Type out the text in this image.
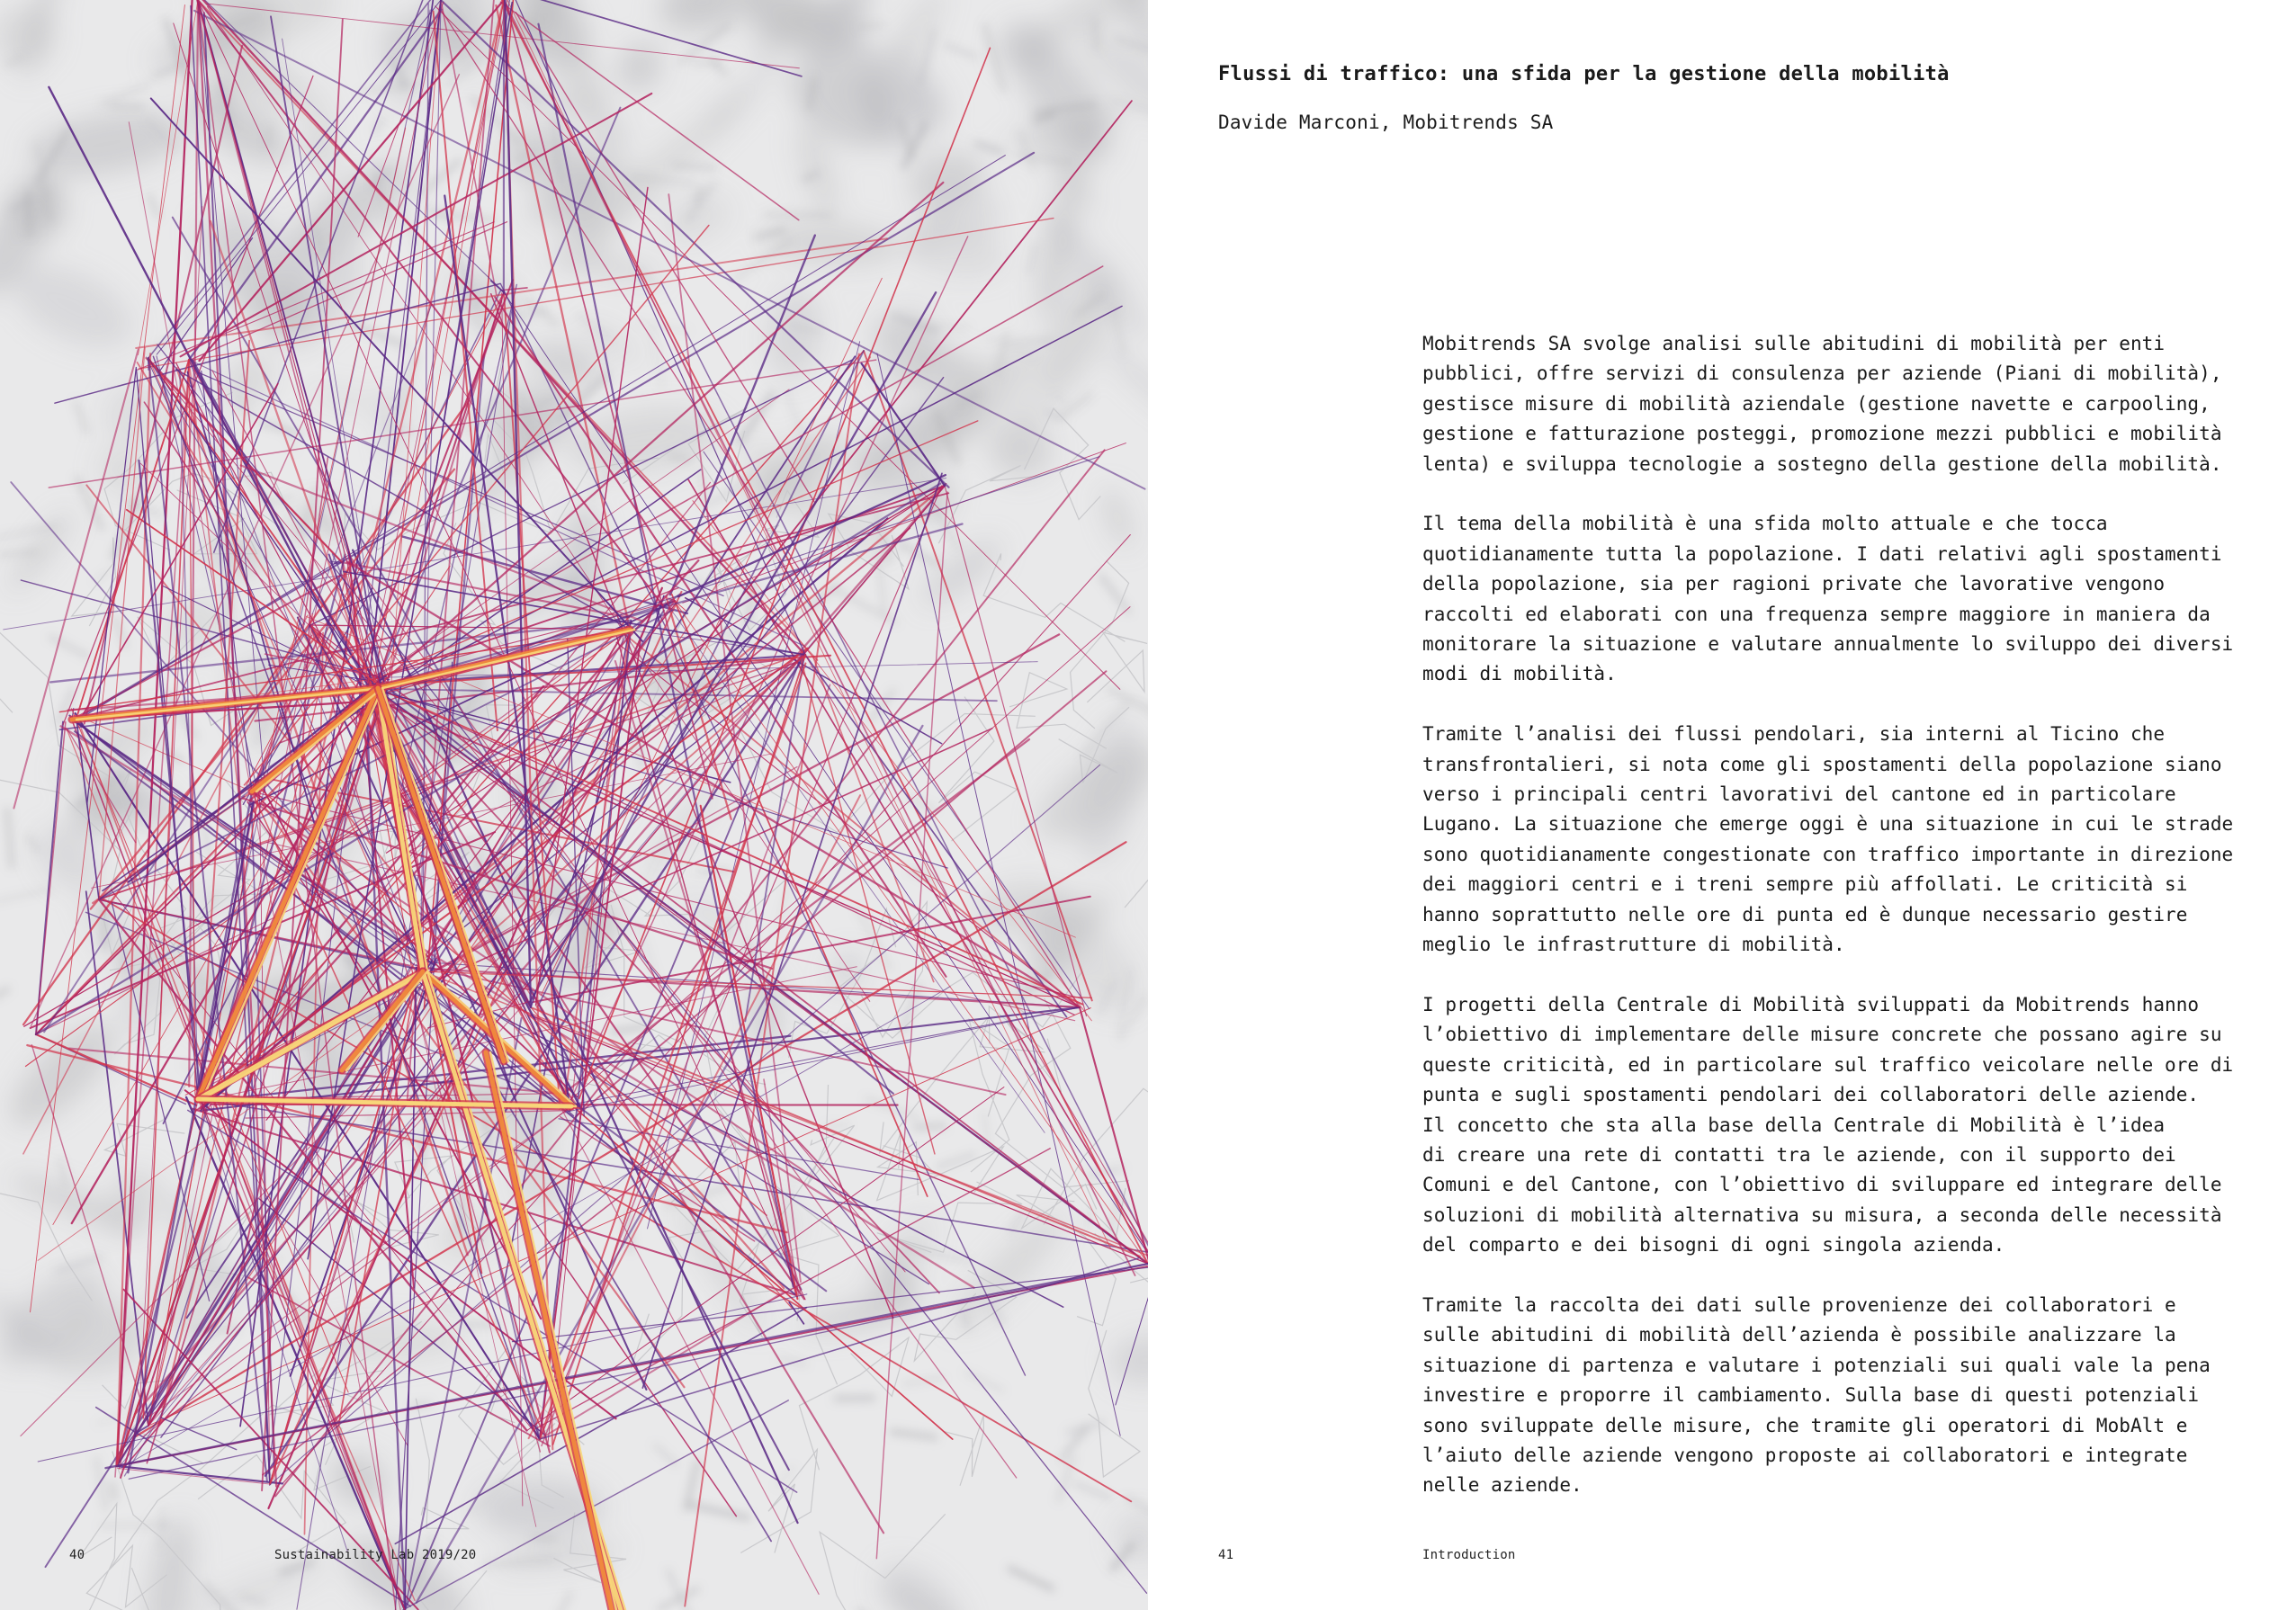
40	Sustainability Lab 2019/20
Flussi di traffico: una sfida per la gestione della mobilità

Davide Marconi, Mobitrends SA

Mobitrends SA svolge analisi sulle abitudini di mobilità per enti
pubblici, offre servizi di consulenza per aziende (Piani di mobilità),
gestisce misure di mobilità aziendale (gestione navette e carpooling,
gestione e fatturazione posteggi, promozione mezzi pubblici e mobilità
lenta) e sviluppa tecnologie a sostegno della gestione della mobilità.

Il tema della mobilità è una sfida molto attuale e che tocca
quotidianamente tutta la popolazione. I dati relativi agli spostamenti
della popolazione, sia per ragioni private che lavorative vengono
raccolti ed elaborati con una frequenza sempre maggiore in maniera da
monitorare la situazione e valutare annualmente lo sviluppo dei diversi
modi di mobilità.

Tramite l’analisi dei flussi pendolari, sia interni al Ticino che
transfrontalieri, si nota come gli spostamenti della popolazione siano
verso i principali centri lavorativi del cantone ed in particolare
Lugano. La situazione che emerge oggi è una situazione in cui le strade
sono quotidianamente congestionate con traffico importante in direzione
dei maggiori centri e i treni sempre più affollati. Le criticità si
hanno soprattutto nelle ore di punta ed è dunque necessario gestire
meglio le infrastrutture di mobilità.

I progetti della Centrale di Mobilità sviluppati da Mobitrends hanno
l’obiettivo di implementare delle misure concrete che possano agire su
queste criticità, ed in particolare sul traffico veicolare nelle ore di
punta e sugli spostamenti pendolari dei collaboratori delle aziende.
Il concetto che sta alla base della Centrale di Mobilità è l’idea
di creare una rete di contatti tra le aziende, con il supporto dei
Comuni e del Cantone, con l’obiettivo di sviluppare ed integrare delle
soluzioni di mobilità alternativa su misura, a seconda delle necessità
del comparto e dei bisogni di ogni singola azienda.

Tramite la raccolta dei dati sulle provenienze dei collaboratori e
sulle abitudini di mobilità dell’azienda è possibile analizzare la
situazione di partenza e valutare i potenziali sui quali vale la pena
investire e proporre il cambiamento. Sulla base di questi potenziali
sono sviluppate delle misure, che tramite gli operatori di MobAlt e
l’aiuto delle aziende vengono proposte ai collaboratori e integrate
nelle aziende.

41	Introduction
